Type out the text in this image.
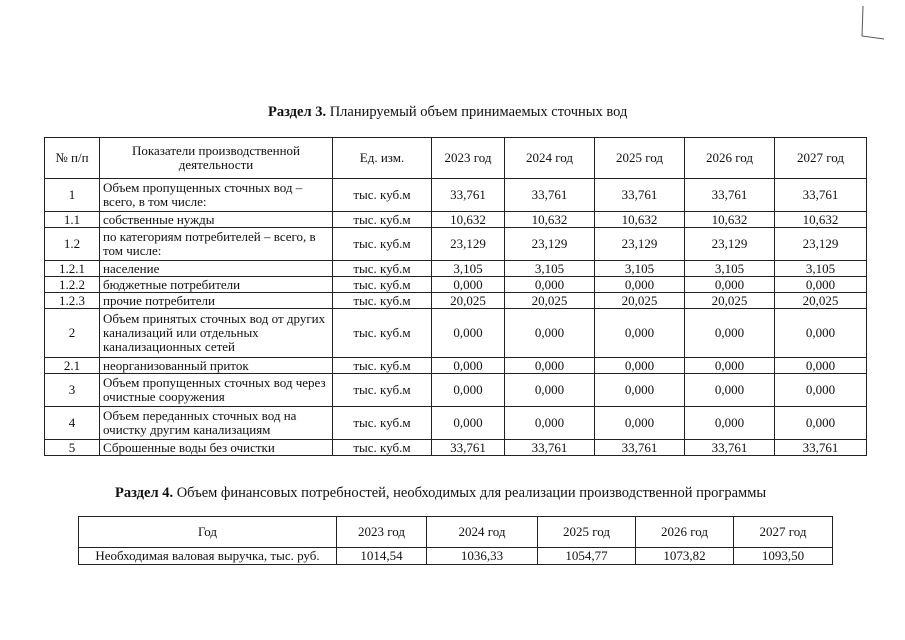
Раздел 3. Планируемый объем принимаемых сточных вод
№ п/п	Показатели производственной деятельности	Ед. изм.	2023 год	2024 год	2025 год	2026 год	2027 год
1	Объем пропущенных сточных вод – всего, в том числе:	тыс. куб.м	33,761	33,761	33,761	33,761	33,761
1.1	собственные нужды	тыс. куб.м	10,632	10,632	10,632	10,632	10,632
1.2	по категориям потребителей – всего, в том числе:	тыс. куб.м	23,129	23,129	23,129	23,129	23,129
1.2.1	население	тыс. куб.м	3,105	3,105	3,105	3,105	3,105
1.2.2	бюджетные потребители	тыс. куб.м	0,000	0,000	0,000	0,000	0,000
1.2.3	прочие потребители	тыс. куб.м	20,025	20,025	20,025	20,025	20,025
2	Объем принятых сточных вод от других канализаций или отдельных канализационных сетей	тыс. куб.м	0,000	0,000	0,000	0,000	0,000
2.1	неорганизованный приток	тыс. куб.м	0,000	0,000	0,000	0,000	0,000
3	Объем пропущенных сточных вод через очистные сооружения	тыс. куб.м	0,000	0,000	0,000	0,000	0,000
4	Объем переданных сточных вод на очистку другим канализациям	тыс. куб.м	0,000	0,000	0,000	0,000	0,000
5	Сброшенные воды без очистки	тыс. куб.м	33,761	33,761	33,761	33,761	33,761
Раздел 4. Объем финансовых потребностей, необходимых для реализации производственной программы
Год	2023 год	2024 год	2025 год	2026 год	2027 год
Необходимая валовая выручка, тыс. руб.	1014,54	1036,33	1054,77	1073,82	1093,50
